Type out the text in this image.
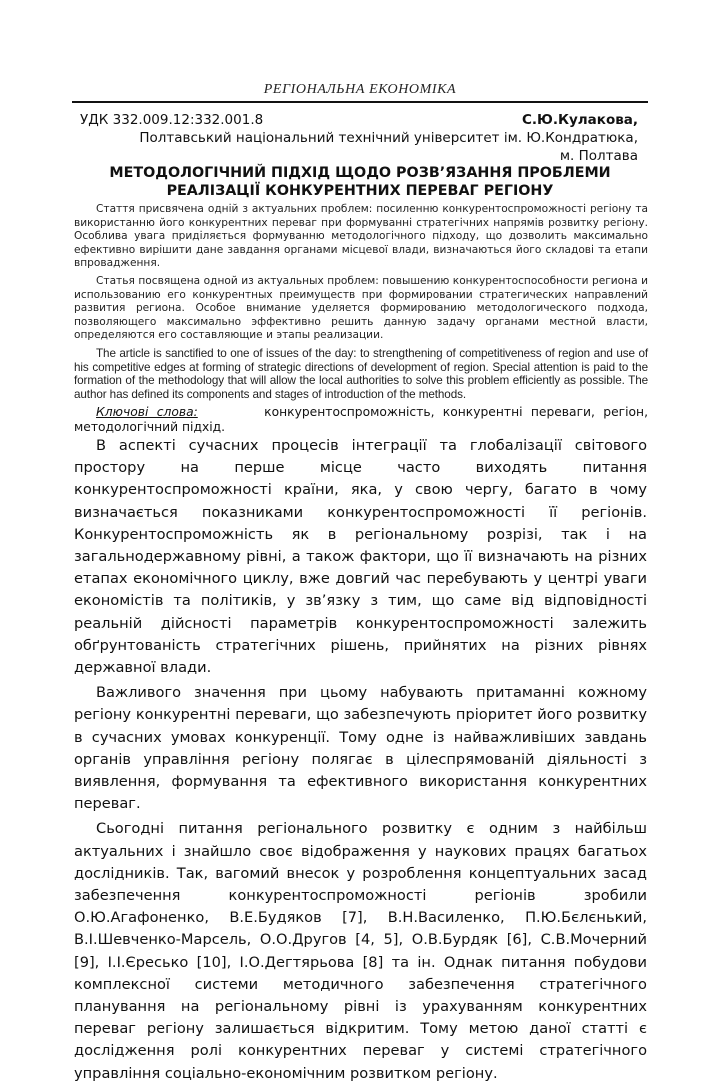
РЕГІОНАЛЬНА ЕКОНОМІКА
УДК 332.009.12:332.001.8	С.Ю.Кулакова,
Полтавський національний технічний університет ім. Ю.Кондратюка,
м. Полтава
МЕТОДОЛОГІЧНИЙ ПІДХІД ЩОДО РОЗВ’ЯЗАННЯ ПРОБЛЕМИ
РЕАЛІЗАЦІЇ КОНКУРЕНТНИХ ПЕРЕВАГ РЕГІОНУ

Стаття присвячена одній з актуальних проблем: посиленню конкурентоспроможності регіону та використанню його конкурентних переваг при формуванні стратегічних напрямів розвитку регіону. Особлива увага приділяється формуванню методологічного підходу, що дозволить максимально ефективно вирішити дане завдання органами місцевої влади, визначаються його складові та етапи впровадження.

Статья посвящена одной из актуальных проблем: повышению конкурентоспособности региона и использованию его конкурентных преимуществ при формировании стратегических направлений развития региона. Особое внимание уделяется формированию методологического подхода, позволяющего максимально эффективно решить данную задачу органами местной власти, определяются его составляющие и этапы реализации.

The article is sanctified to one of issues of the day: to strengthening of competitiveness of region and use of his competitive edges at forming of strategic directions of development of region. Special attention is paid to the formation of the methodology that will allow the local authorities to solve this problem efficiently as possible. The author has defined its components and stages of introduction of the methods.

Ключові слова:	конкурентоспроможність, конкурентні переваги, регіон, методологічний підхід.

В аспекті сучасних процесів інтеграції та глобалізації світового простору на перше місце часто виходять питання конкурентоспроможності країни, яка, у свою чергу, багато в чому визначається показниками конкурентоспроможності її регіонів. Конкурентоспроможність як в регіональному розрізі, так і на загальнодержавному рівні, а також фактори, що її визначають на різних етапах економічного циклу, вже довгий час перебувають у центрі уваги економістів та політиків, у зв’язку з тим, що саме від відповідності реальній дійсності параметрів конкурентоспроможності залежить обґрунтованість стратегічних рішень, прийнятих на різних рівнях державної влади.

Важливого значення при цьому набувають притаманні кожному регіону конкурентні переваги, що забезпечують пріоритет його розвитку в сучасних умовах конкуренції. Тому одне із найважливіших завдань органів управління регіону полягає в цілеспрямованій діяльності з виявлення, формування та ефективного використання конкурентних переваг.

Сьогодні питання регіонального розвитку є одним з найбільш актуальних і знайшло своє відображення у наукових працях багатьох дослідників. Так, вагомий внесок у розроблення концептуальних засад забезпечення конкурентоспроможності регіонів зробили О.Ю.Агафоненко, В.Е.Будяков [7], В.Н.Василенко, П.Ю.Бєлєнький, В.І.Шевченко-Марсель, О.О.Другов [4, 5], О.В.Бурдяк [6], С.В.Мочерний [9], І.І.Єресько [10], І.О.Дегтярьова [8] та ін. Однак питання побудови комплексної системи методичного забезпечення стратегічного планування на регіональному рівні із урахуванням конкурентних переваг регіону залишається відкритим. Тому метою даної статті є дослідження ролі конкурентних переваг у системі стратегічного управління соціально-економічним розвитком регіону.
